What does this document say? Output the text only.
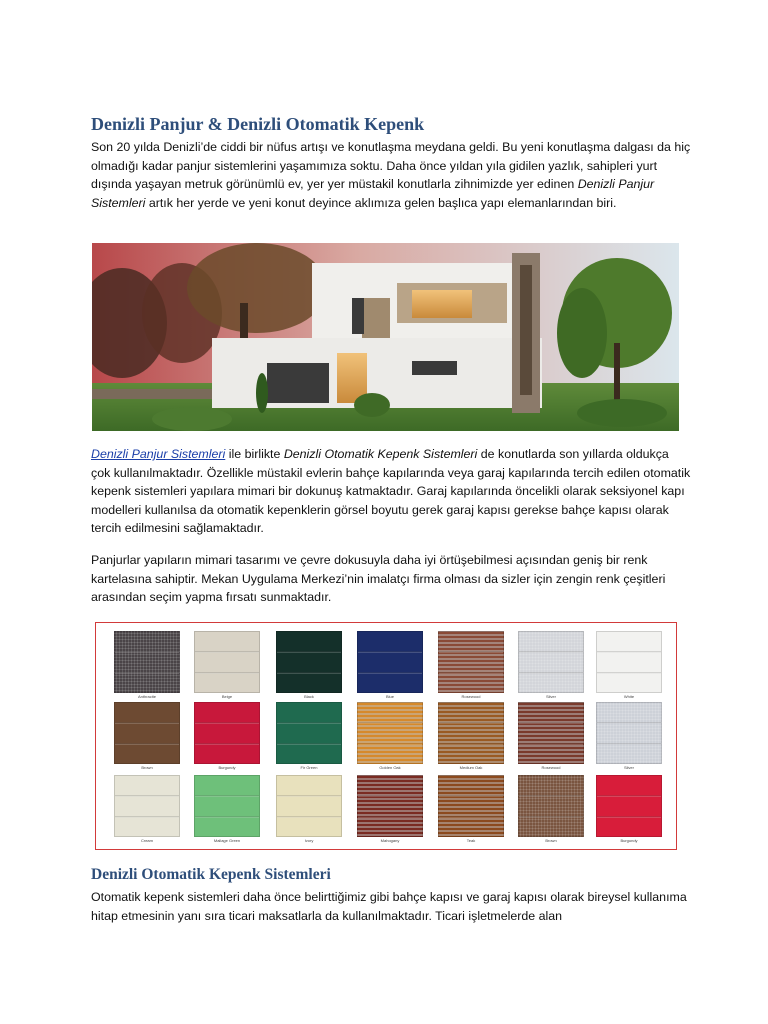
Denizli Panjur & Denizli Otomatik Kepenk

Son 20 yılda Denizli’de ciddi bir nüfus artışı ve konutlaşma meydana geldi. Bu yeni konutlaşma dalgası da hiç olmadığı kadar panjur sistemlerini yaşamımıza soktu. Daha önce yıldan yıla gidilen yazlık, sahipleri yurt dışında yaşayan metruk görünümlü ev, yer yer müstakil konutlarla zihnimizde yer edinen Denizli Panjur Sistemleri artık her yerde ve yeni konut deyince aklımıza gelen başlıca yapı elemanlarından biri.

Denizli Panjur Sistemleri ile birlikte Denizli Otomatik Kepenk Sistemleri de konutlarda son yıllarda oldukça çok kullanılmaktadır. Özellikle müstakil evlerin bahçe kapılarında veya garaj kapılarında tercih edilen otomatik kepenk sistemleri yapılara mimari bir dokunuş katmaktadır. Garaj kapılarında öncelikli olarak seksiyonel kapı modelleri kullanılsa da otomatik kepenklerin görsel boyutu gerek garaj kapısı gerekse bahçe kapısı olarak tercih edilmesini sağlamaktadır.

Panjurlar yapıların mimari tasarımı ve çevre dokusuyla daha iyi örtüşebilmesi açısından geniş bir renk kartelasına sahiptir. Mekan Uygulama Merkezi’nin imalatçı firma olması da sizler için zengin renk çeşitleri arasından seçim yapma fırsatı sunmaktadır.

Anthracite	Beige	Black	Blue	Rosewood	Silver	White
Brown	Burgundy	Fir Green	Golden Oak	Medium Oak	Rosewood	Silver
Cream	Mallage Green	Ivory	Mahogany	Teak	Brown	Burgundy
Denizli Otomatik Kepenk Sistemleri

Otomatik kepenk sistemleri daha önce belirttiğimiz gibi bahçe kapısı ve garaj kapısı olarak bireysel kullanıma hitap etmesinin yanı sıra ticari maksatlarla da kullanılmaktadır. Ticari işletmelerde alan
